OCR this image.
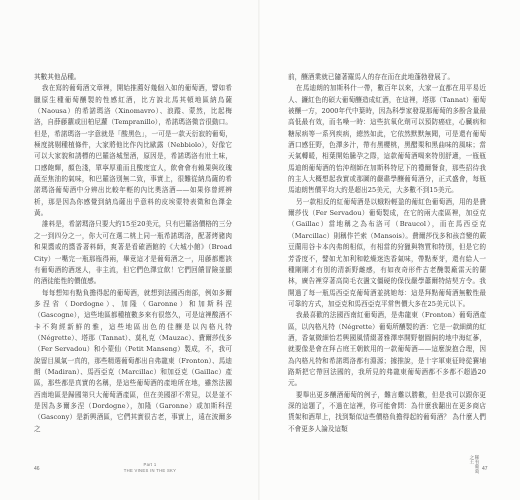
其數其他品種。

我在寫的葡萄酒文章裡，開始推薦好幾個入如的葡萄酒，譬如希臘原生種葡萄釀製的性感紅酒，比方說北馬其頓地區納烏薩（Naousa）的希諾瑪洛（Xinomavro）、浪蹤、蒙然，比起梅洛，自薛藤蘿或田柏尼蘿（Tempranillo），希諾瑪洛微音很動口。但是，希諾瑪洛一字意就是「酸黑色」，一可是一款天衍寂的葡萄，極度挑剔種植條件，大家將他比作內比歐露（Nebbiolo），好像它可以大家貌和誘標的巴羅洛城堡酒，原因是，希諾瑪洛有壯土味，口感飽輝，顏色淺，單寧厚重而且酸度宜人，飲會會有賴果與玫瑰蔬至焦油的氣味，和巴羅洛別無二致，事實上，很難從納烏薩的希諾瑪洛葡萄酒中分辨出比較年輕的內比奧洛酒——如果你曾經辨析，那是因為你感覺到納烏薩出乎意料的皮埃蒙特表徵和色澤金黃。

誰料是，希諾瑪洛只要大約15至20美元，只有巴羅洛價格的三分之一到四分之一，你大可在選二桃上同一瓶希諾瑪洛，配著烤豬肉和果醬或的醬香著料師，爽著是看確酒館的《大城小館》（Broad City）一嘴完一瓶那瓶得兩，畢竟這才是葡萄酒之一，用藤都應該有葡萄酒的酒迷人，非主流，但它們色澤宜飲！它們回饋冒險並顯的酒徒能性的價值感。

每每想知有點負擔得起的葡萄酒，就想到法國西南部，例如多爾多涅省（Dordogne）、加隆（Garonne）和加斯科涅（Gascogne），這些地區都種植數多來有很悠久，可是這裡酸酒不卡不夠經新鮮的雅，這些地區出色的佳釀是以內格凡特（Négrette）、塔那（Tannat）、莫札克（Mauzac）、費爾莎伐多（Fer Servadou）和小蒙仙（Petit Manseng）製成，不，我可說留目風氣一真的，那些精選葡萄都出自弗龍東（Fronton）、馬迪朗（Madiran）、馬西亞克（Marcillac）和加亞克（Gaillac）產區，那些都是真實的名稱，是這些葡萄酒的產地所在地，雖然法國西南地區是歸國第只大葡萄酒產區，但在美國卻不常見，以是並不是因為多爾多涅（Dordogne），加隆（Garonne）或加斯科涅（Gascony）是新興酒區，它們其實很古老，事實上，遠在波爾多之

46
Part 1
THE VINES IN THE SKY

前，釀酒業就已隨著羅馬人的存在而在此地蓬勃發展了。

在馬迪朗的加斯科什一帶，數百年以來，大家一直都在用平易近人、鐮紅色的碩大葡萄釀造成紅酒，在這裡，塔那（Tannat）葡萄被釀一方，2000年代中葉時，因為科學家發現那葡萄的多酚含量最高低最有效，而名噪一時：這些抗氧化劑可以預防癌症，心臟病和糖尿病等一系列疾病，總然如此，它依然默默無聞，可是還有葡萄酒口感狂野，色澤多汁，帶有黑櫻桃，黑醋栗和黑曲味的風味；當天氣轉暖，相葉開始騰孕之際，這款葡萄酒喝來特別舒適，一瓶瓶馬迪朗葡萄酒的怡沖劑師在加斯科特尼下的禮爾餐食，那些招待我的主人大概想起我實或那圖的嚴肅學釀葡萄酒分，正式盛會，每瓶馬迪朗售價平均大約是超出25美元，大多數不到15美元。

另一款相反的紅葡萄酒是以蛾粉輕盈的葡紅色葡萄酒，用的是費爾莎伐（Fer Servadou）葡萄製成，在它的兩大產區裡，加亞克（Gaillac）當地稱之為布洛可（Braucol），而在馬西亞克（Marcillac）則稱作芒索（Mansois）。費爾莎伐多和孩音變的蕨豆蘭用谷卡本內弗朗相似，有相當的狩獵與物質和特別，但是它的芳香度不，譬如尤加利和乾燥迷迭香氣味，帶點麥芽，還有給人一種剛剛才有別的清新野雌感，有如夜奇形件古老醃製廠雷天的蘭林，廣告裡穿著高筒毛衣盪文僵硬的保伐嚴學蕭爾特結契方令。我開過了每一瓶馬西亞克葡萄酒並挑她每：這是拜點葡萄酒無數性最可靠的方式，加亞克和馬西亞克平常售價大多在25美元以下。

我最喜歡的法國西南紅葡萄酒，是弗龍東（Fronton）葡萄酒產區，以內格凡特（Négrette）葡萄所釀製的酒：它是一款細緻的紅酒，香氣微細怡若興國風情綴著雅澤率開野樹圓飼的地中海紅蔘，就要像是會在拜占庭王朝飲用的一款葡萄酒——這麼說抱合理，因為內格凡特和希諾瑪洛都有淵源；據推說，是十字軍東征時從賽埔路斯把它帶回法國的，我所見的弗龍東葡萄酒都不多都不超過20元。

要舉出更多釀酒葡萄的例子，難言難以勝數，但是我可以跟你更深的這題了，不過在這裡，你可能會問：為什麼我翻出在更多商店貨架和酒單上，找到類似這些價格負擔得起的葡萄酒？ 為什麼人們不會更多人論及這類

稀有葡萄之王
47
